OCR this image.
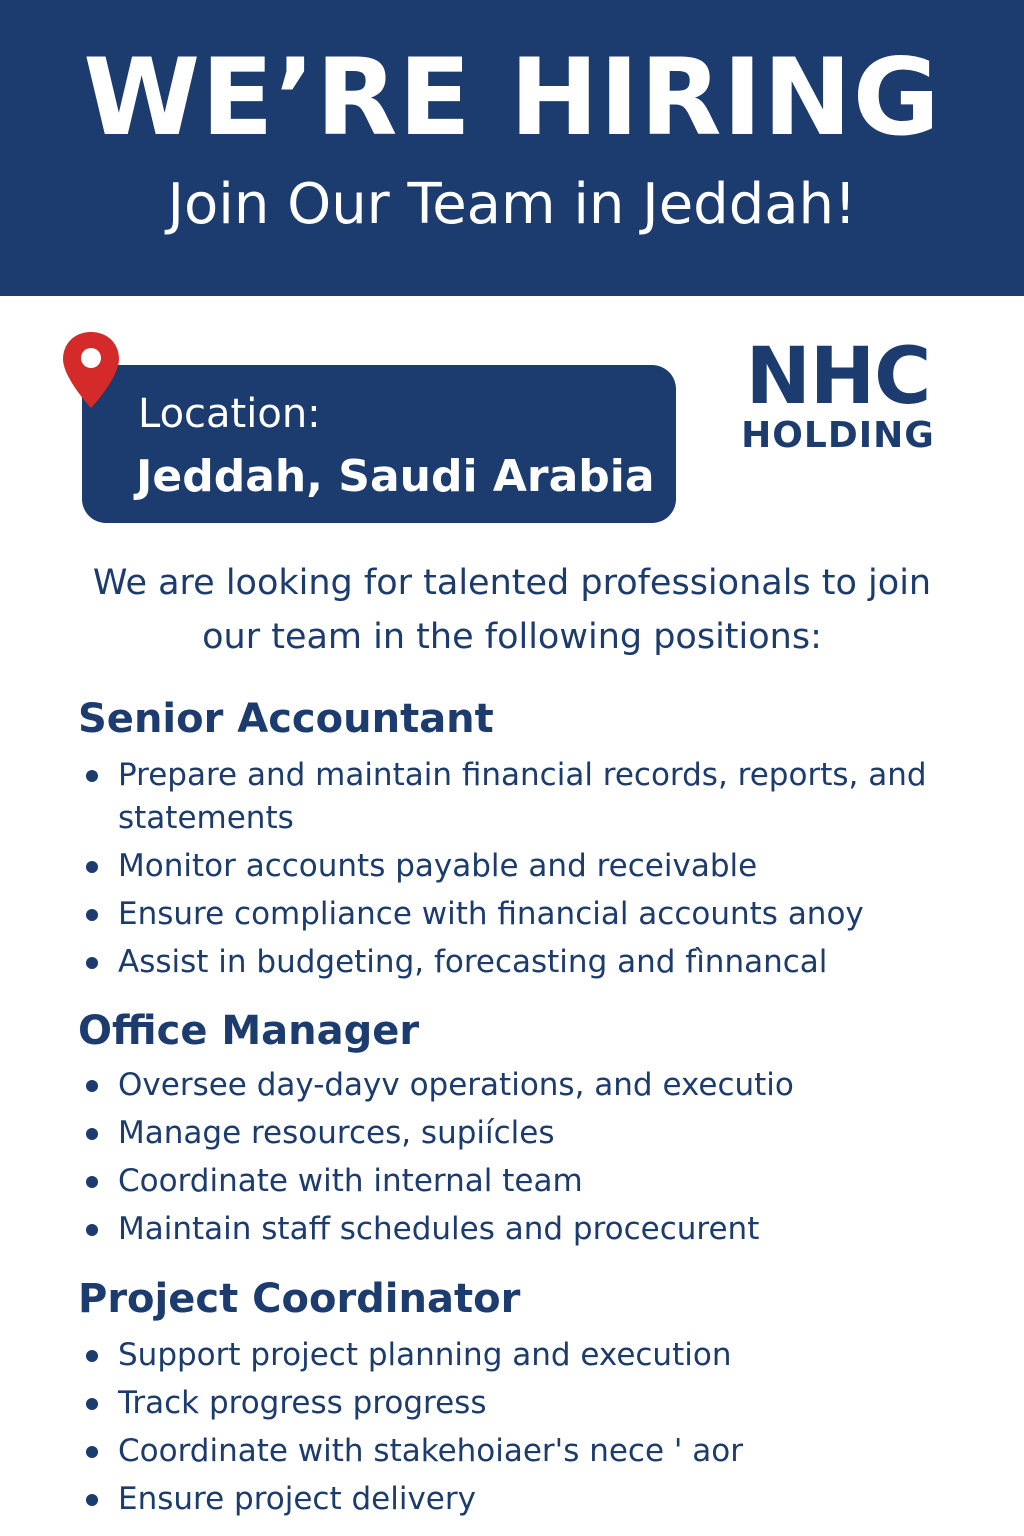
WE’RE HIRING
Join Our Team in Jeddah!
Location:
Jeddah, Saudi Arabia
NHC
HOLDING
We are looking for talented professionals to join our team in the following positions:
Senior Accountant
Prepare and maintain financial records, reports, and statements
Monitor accounts payable and receivable
Ensure compliance with financial accounts anoy
Assist in budgeting, forecasting and fìnnancal
Office Manager
Oversee day-dayv operations, and executio
Manage resources, supiícles
Coordinate with internal team
Maintain staff schedules and procecurent
Project Coordinator
Support project planning and execution
Track progress progress
Coordinate with stakehoiaer's nece ' aor
Ensure project delivery
